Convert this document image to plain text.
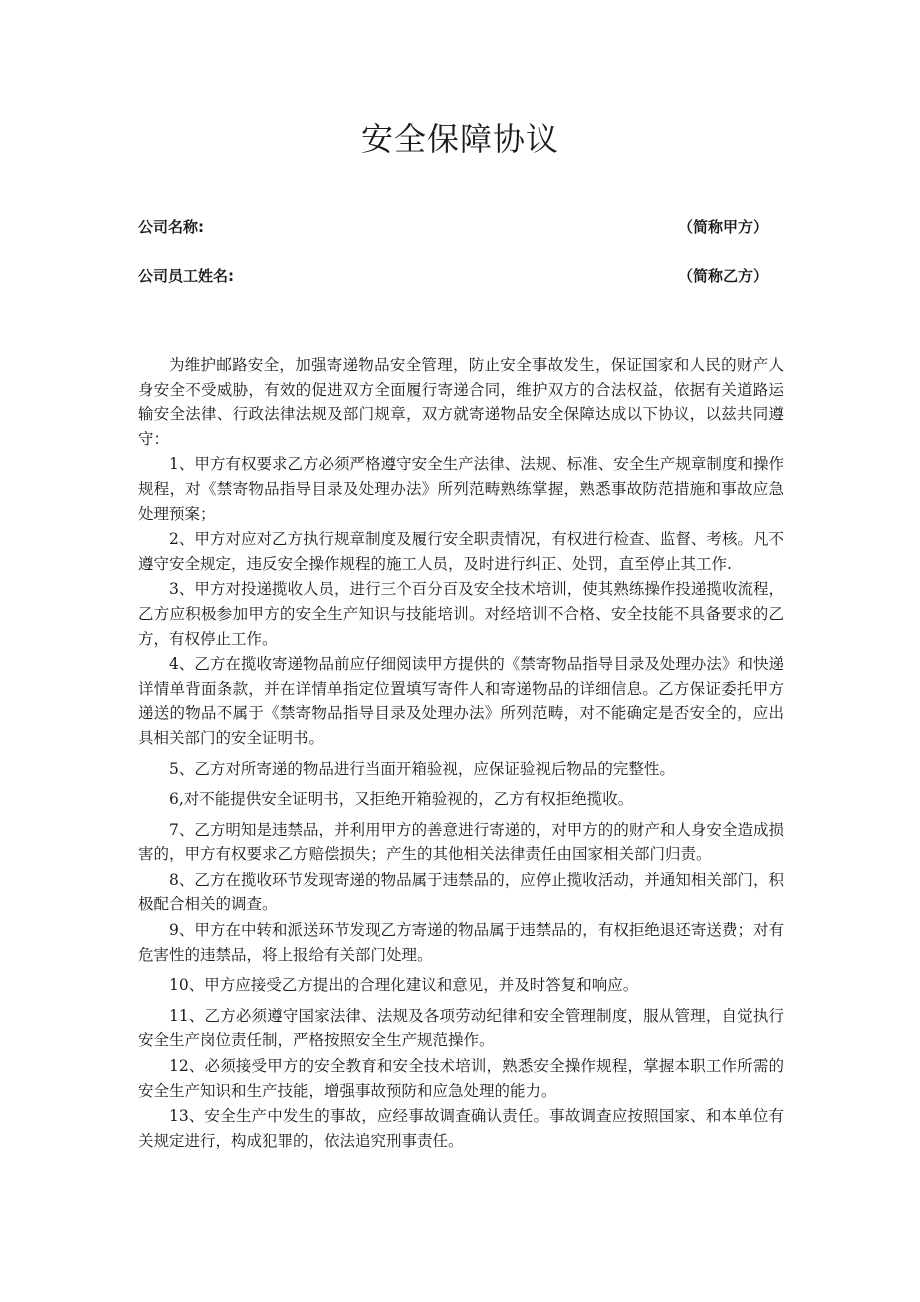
安全保障协议
公司名称:	（简称甲方）
公司员工姓名:	（简称乙方）

为维护邮路安全，加强寄递物品安全管理，防止安全事故发生，保证国家和人民的财产人身安全不受威胁，有效的促进双方全面履行寄递合同，维护双方的合法权益，依据有关道路运输安全法律、行政法律法规及部门规章，双方就寄递物品安全保障达成以下协议，以兹共同遵守：

1、甲方有权要求乙方必须严格遵守安全生产法律、法规、标准、安全生产规章制度和操作规程，对《禁寄物品指导目录及处理办法》所列范畴熟练掌握，熟悉事故防范措施和事故应急处理预案；

2、甲方对应对乙方执行规章制度及履行安全职责情况，有权进行检查、监督、考核。凡不遵守安全规定，违反安全操作规程的施工人员，及时进行纠正、处罚，直至停止其工作.

3、甲方对投递揽收人员，进行三个百分百及安全技术培训，使其熟练操作投递揽收流程，乙方应积极参加甲方的安全生产知识与技能培训。对经培训不合格、安全技能不具备要求的乙方，有权停止工作。

4、乙方在揽收寄递物品前应仔细阅读甲方提供的《禁寄物品指导目录及处理办法》和快递详情单背面条款，并在详情单指定位置填写寄件人和寄递物品的详细信息。乙方保证委托甲方递送的物品不属于《禁寄物品指导目录及处理办法》所列范畴，对不能确定是否安全的，应出具相关部门的安全证明书。

5、乙方对所寄递的物品进行当面开箱验视，应保证验视后物品的完整性。

6,对不能提供安全证明书，又拒绝开箱验视的，乙方有权拒绝揽收。

7、乙方明知是违禁品，并利用甲方的善意进行寄递的，对甲方的的财产和人身安全造成损害的，甲方有权要求乙方赔偿损失；产生的其他相关法律责任由国家相关部门归责。

8、乙方在揽收环节发现寄递的物品属于违禁品的，应停止揽收活动，并通知相关部门，积极配合相关的调查。

9、甲方在中转和派送环节发现乙方寄递的物品属于违禁品的，有权拒绝退还寄送费；对有危害性的违禁品，将上报给有关部门处理。

10、甲方应接受乙方提出的合理化建议和意见，并及时答复和响应。

11、乙方必须遵守国家法律、法规及各项劳动纪律和安全管理制度，服从管理，自觉执行安全生产岗位责任制，严格按照安全生产规范操作。

12、必须接受甲方的安全教育和安全技术培训，熟悉安全操作规程，掌握本职工作所需的安全生产知识和生产技能，增强事故预防和应急处理的能力。

13、安全生产中发生的事故，应经事故调查确认责任。事故调查应按照国家、和本单位有关规定进行，构成犯罪的，依法追究刑事责任。
